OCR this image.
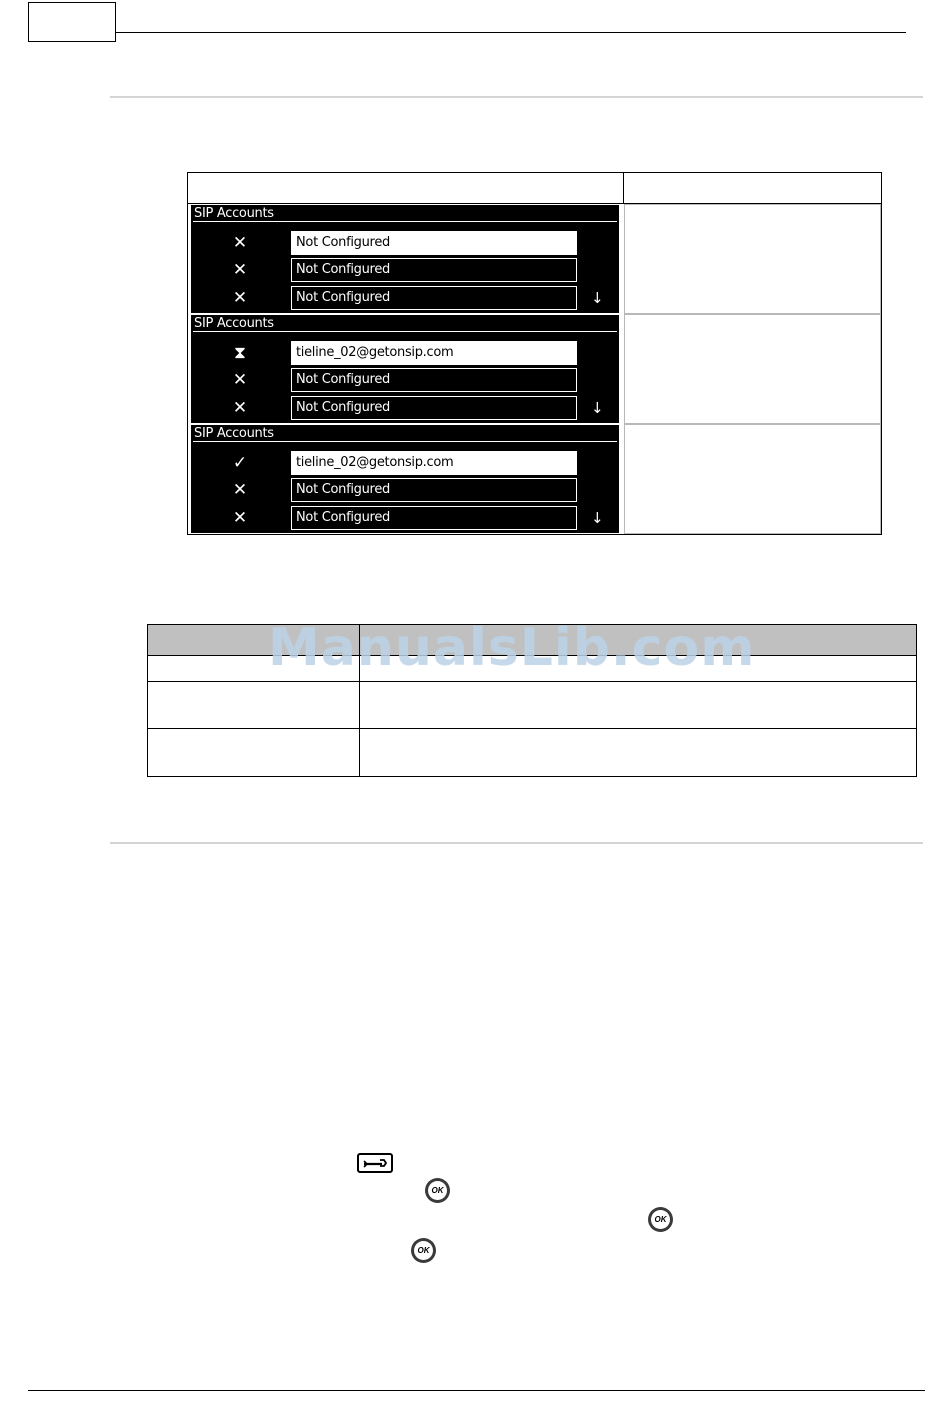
SIP Accounts
✕	Not Configured
✕	Not Configured
✕	Not Configured	↓
SIP Accounts
⧗	tieline_02@getonsip.com
✕	Not Configured
✕	Not Configured	↓
SIP Accounts
✓	tieline_02@getonsip.com
✕	Not Configured
✕	Not Configured	↓
ManualsLib.com
OK
OK
OK
